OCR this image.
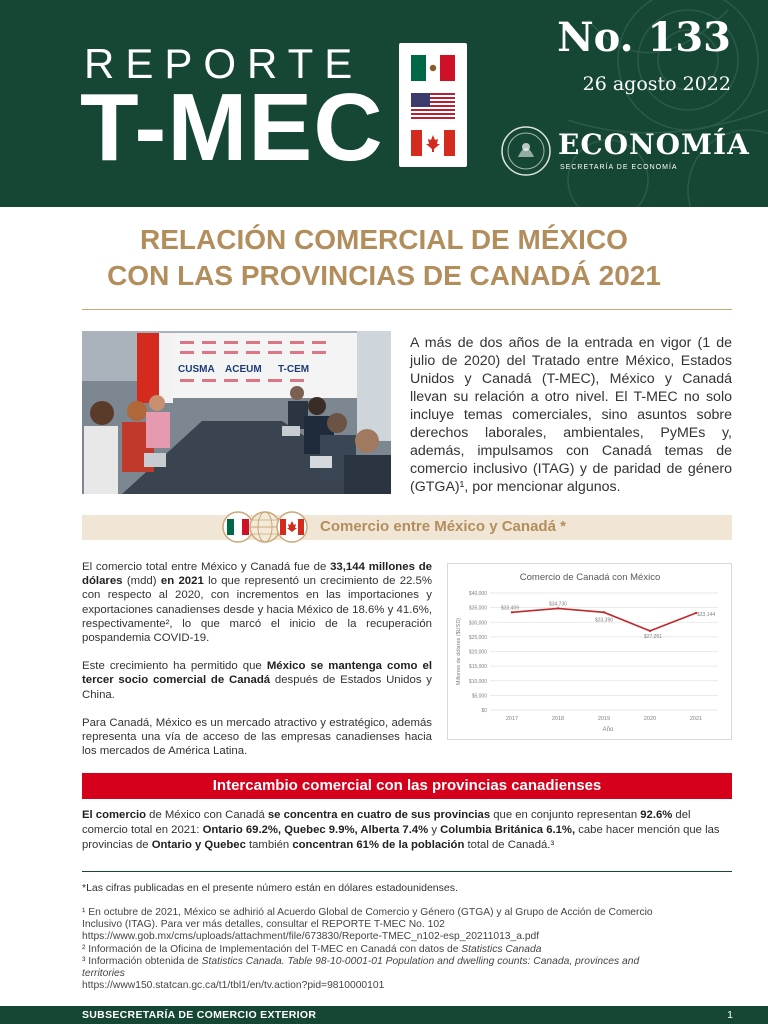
REPORTE
T-MEC
No. 133
26 agosto 2022
ECONOMÍA
SECRETARÍA DE ECONOMÍA
RELACIÓN COMERCIAL DE MÉXICO
CON LAS PROVINCIAS DE CANADÁ 2021
CUSMA ACEUM T-CEM
A más de dos años de la entrada en vigor (1 de julio de 2020) del Tratado entre México, Estados Unidos y Canadá (T-MEC), México y Canadá llevan su relación a otro nivel. El T-MEC no solo incluye temas comerciales, sino asuntos sobre derechos laborales, ambientales, PyMEs y, además, impulsamos con Canadá temas de comercio inclusivo (ITAG) y de paridad de género (GTGA)¹, por mencionar algunos.
Comercio entre México y Canadá *

El comercio total entre México y Canadá fue de 33,144 millones de dólares (mdd) en 2021 lo que representó un crecimiento de 22.5% con respecto al 2020, con incrementos en las importaciones y exportaciones canadienses desde y hacia México de 18.6% y 41.6%, respectivamente², lo que marcó el inicio de la recuperación pospandemia COVID-19.

Este crecimiento ha permitido que México se mantenga como el tercer socio comercial de Canadá después de Estados Unidos y China.

Para Canadá, México es un mercado atractivo y estratégico, además representa una vía de acceso de las empresas canadienses hacia los mercados de América Latina.

Comercio de Canadá con México
$0
$5,000
$10,000
$15,000
$20,000
$25,000
$30,000
$35,000
$40,000
2017	2018	2019	2020	2021
Año
Millones de dólares ($USD)
$33,409
$34,730
$33,390
$27,051
$33,144
Intercambio comercial con las provincias canadienses
El comercio de México con Canadá se concentra en cuatro de sus provincias que en conjunto representan 92.6% del comercio total en 2021: Ontario 69.2%, Quebec 9.9%, Alberta 7.4% y Columbia Británica 6.1%, cabe hacer mención que las provincias de Ontario y Quebec también concentran 61% de la población total de Canadá.³
*Las cifras publicadas en el presente número están en dólares estadounidenses.
¹ En octubre de 2021, México se adhirió al Acuerdo Global de Comercio y Género (GTGA) y al Grupo de Acción de Comercio
Inclusivo (ITAG). Para ver más detalles, consultar el REPORTE T-MEC No. 102
https://www.gob.mx/cms/uploads/attachment/file/673830/Reporte-TMEC_n102-esp_20211013_a.pdf
² Información de la Oficina de Implementación del T-MEC en Canadá con datos de Statistics Canada
³ Información obtenida de Statistics Canada. Table 98-10-0001-01 Population and dwelling counts: Canada, provinces and
territories
https://www150.statcan.gc.ca/t1/tbl1/en/tv.action?pid=9810000101
SUBSECRETARÍA DE COMERCIO EXTERIOR	1
